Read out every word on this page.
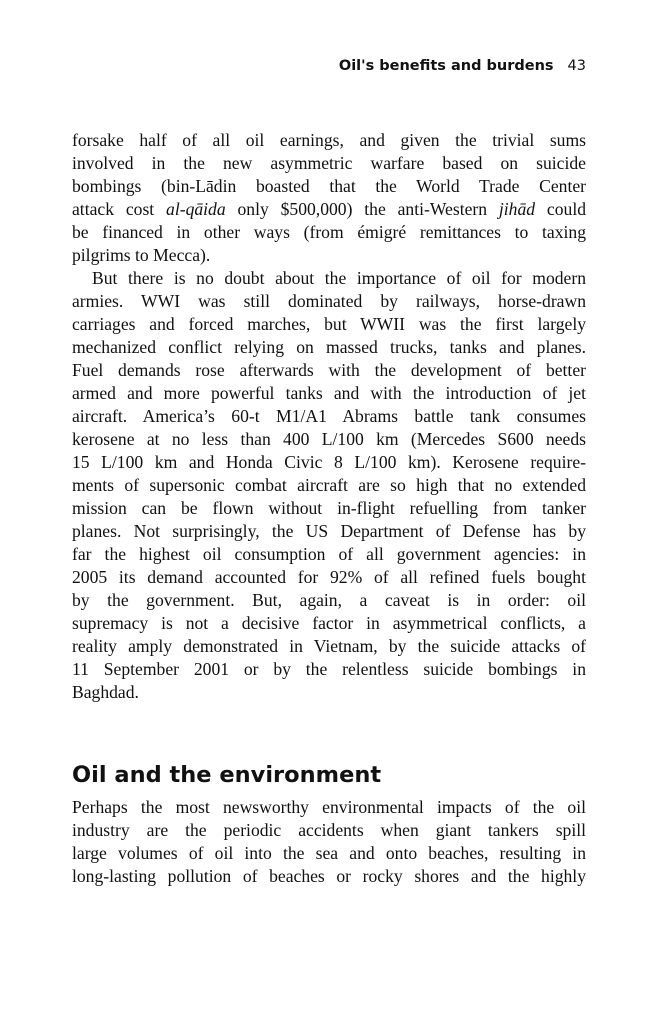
Oil's benefits and burdens 43
forsake half of all oil earnings, and given the trivial sums
involved in the new asymmetric warfare based on suicide
bombings (bin-Lādin boasted that the World Trade Center
attack cost al-qāida only $500,000) the anti-Western jihād could
be financed in other ways (from émigré remittances to taxing
pilgrims to Mecca).
But there is no doubt about the importance of oil for modern
armies. WWI was still dominated by railways, horse-drawn
carriages and forced marches, but WWII was the first largely
mechanized conflict relying on massed trucks, tanks and planes.
Fuel demands rose afterwards with the development of better
armed and more powerful tanks and with the introduction of jet
aircraft. America’s 60-t M1/A1 Abrams battle tank consumes
kerosene at no less than 400 L/100 km (Mercedes S600 needs
15 L/100 km and Honda Civic 8 L/100 km). Kerosene require-
ments of supersonic combat aircraft are so high that no extended
mission can be flown without in-flight refuelling from tanker
planes. Not surprisingly, the US Department of Defense has by
far the highest oil consumption of all government agencies: in
2005 its demand accounted for 92% of all refined fuels bought
by the government. But, again, a caveat is in order: oil
supremacy is not a decisive factor in asymmetrical conflicts, a
reality amply demonstrated in Vietnam, by the suicide attacks of
11 September 2001 or by the relentless suicide bombings in
Baghdad.
Oil and the environment
Perhaps the most newsworthy environmental impacts of the oil
industry are the periodic accidents when giant tankers spill
large volumes of oil into the sea and onto beaches, resulting in
long-lasting pollution of beaches or rocky shores and the highly
